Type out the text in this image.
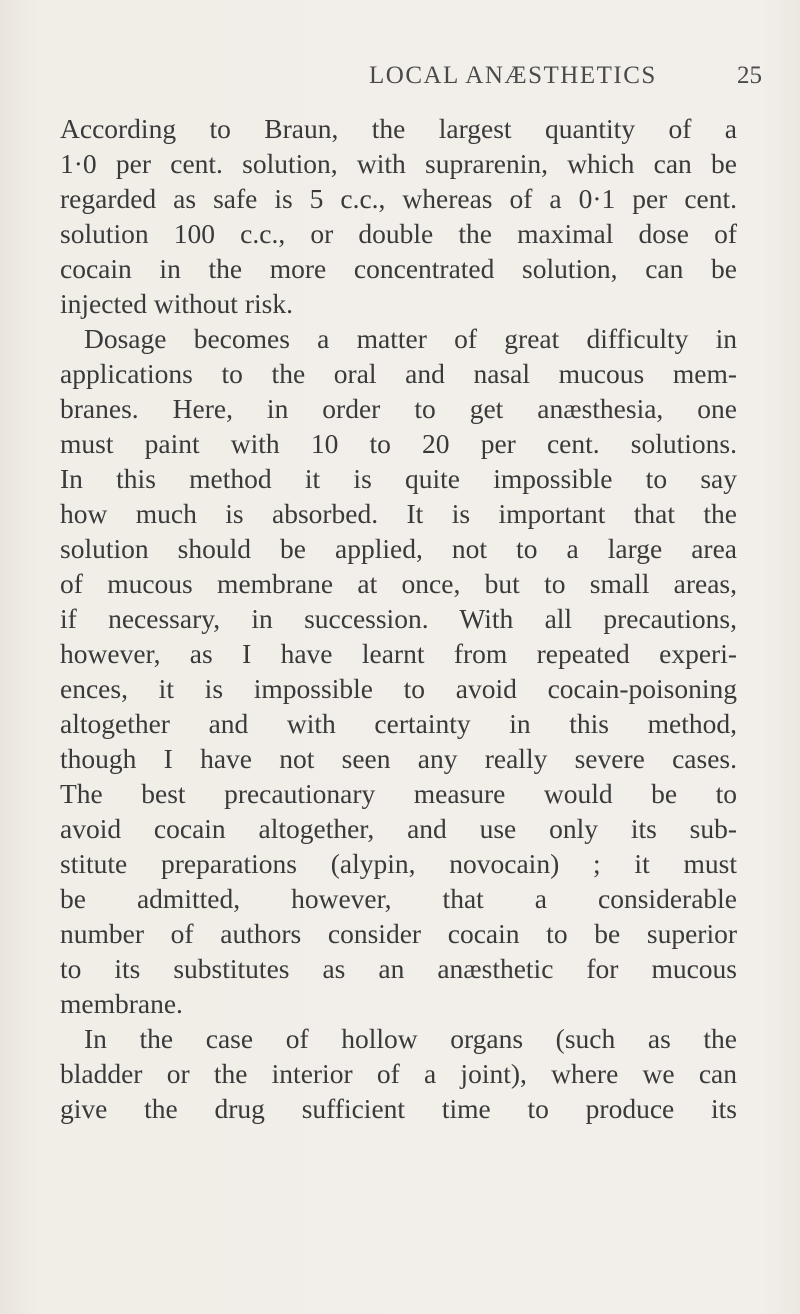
LOCAL ANÆSTHETICS	25
According to Braun, the largest quantity of a
1·0 per cent. solution, with suprarenin, which can be
regarded as safe is 5 c.c., whereas of a 0·1 per cent.
solution 100 c.c., or double the maximal dose of
cocain in the more concentrated solution, can be
injected without risk.
Dosage becomes a matter of great difficulty in
applications to the oral and nasal mucous mem-
branes. Here, in order to get anæsthesia, one
must paint with 10 to 20 per cent. solutions.
In this method it is quite impossible to say
how much is absorbed. It is important that the
solution should be applied, not to a large area
of mucous membrane at once, but to small areas,
if necessary, in succession. With all precautions,
however, as I have learnt from repeated experi-
ences, it is impossible to avoid cocain-poisoning
altogether and with certainty in this method,
though I have not seen any really severe cases.
The best precautionary measure would be to
avoid cocain altogether, and use only its sub-
stitute preparations (alypin, novocain) ; it must
be admitted, however, that a considerable
number of authors consider cocain to be superior
to its substitutes as an anæsthetic for mucous
membrane.
In the case of hollow organs (such as the
bladder or the interior of a joint), where we can
give the drug sufficient time to produce its
